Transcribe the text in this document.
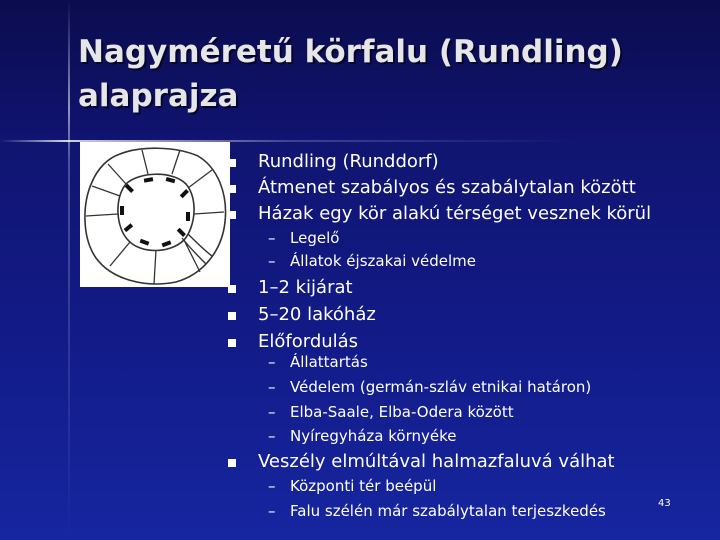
Nagyméretű körfalu (Rundling) alaprajza
Rundling (Runddorf)
Átmenet szabályos és szabálytalan között
Házak egy kör alakú térséget vesznek körül
– Legelő
– Állatok éjszakai védelme
1–2 kijárat
5–20 lakóház
Előfordulás
– Állattartás
– Védelem (germán-szláv etnikai határon)
– Elba-Saale, Elba-Odera között
– Nyíregyháza környéke
Veszély elmúltával halmazfaluvá válhat
– Központi tér beépül
– Falu szélén már szabálytalan terjeszkedés	43
